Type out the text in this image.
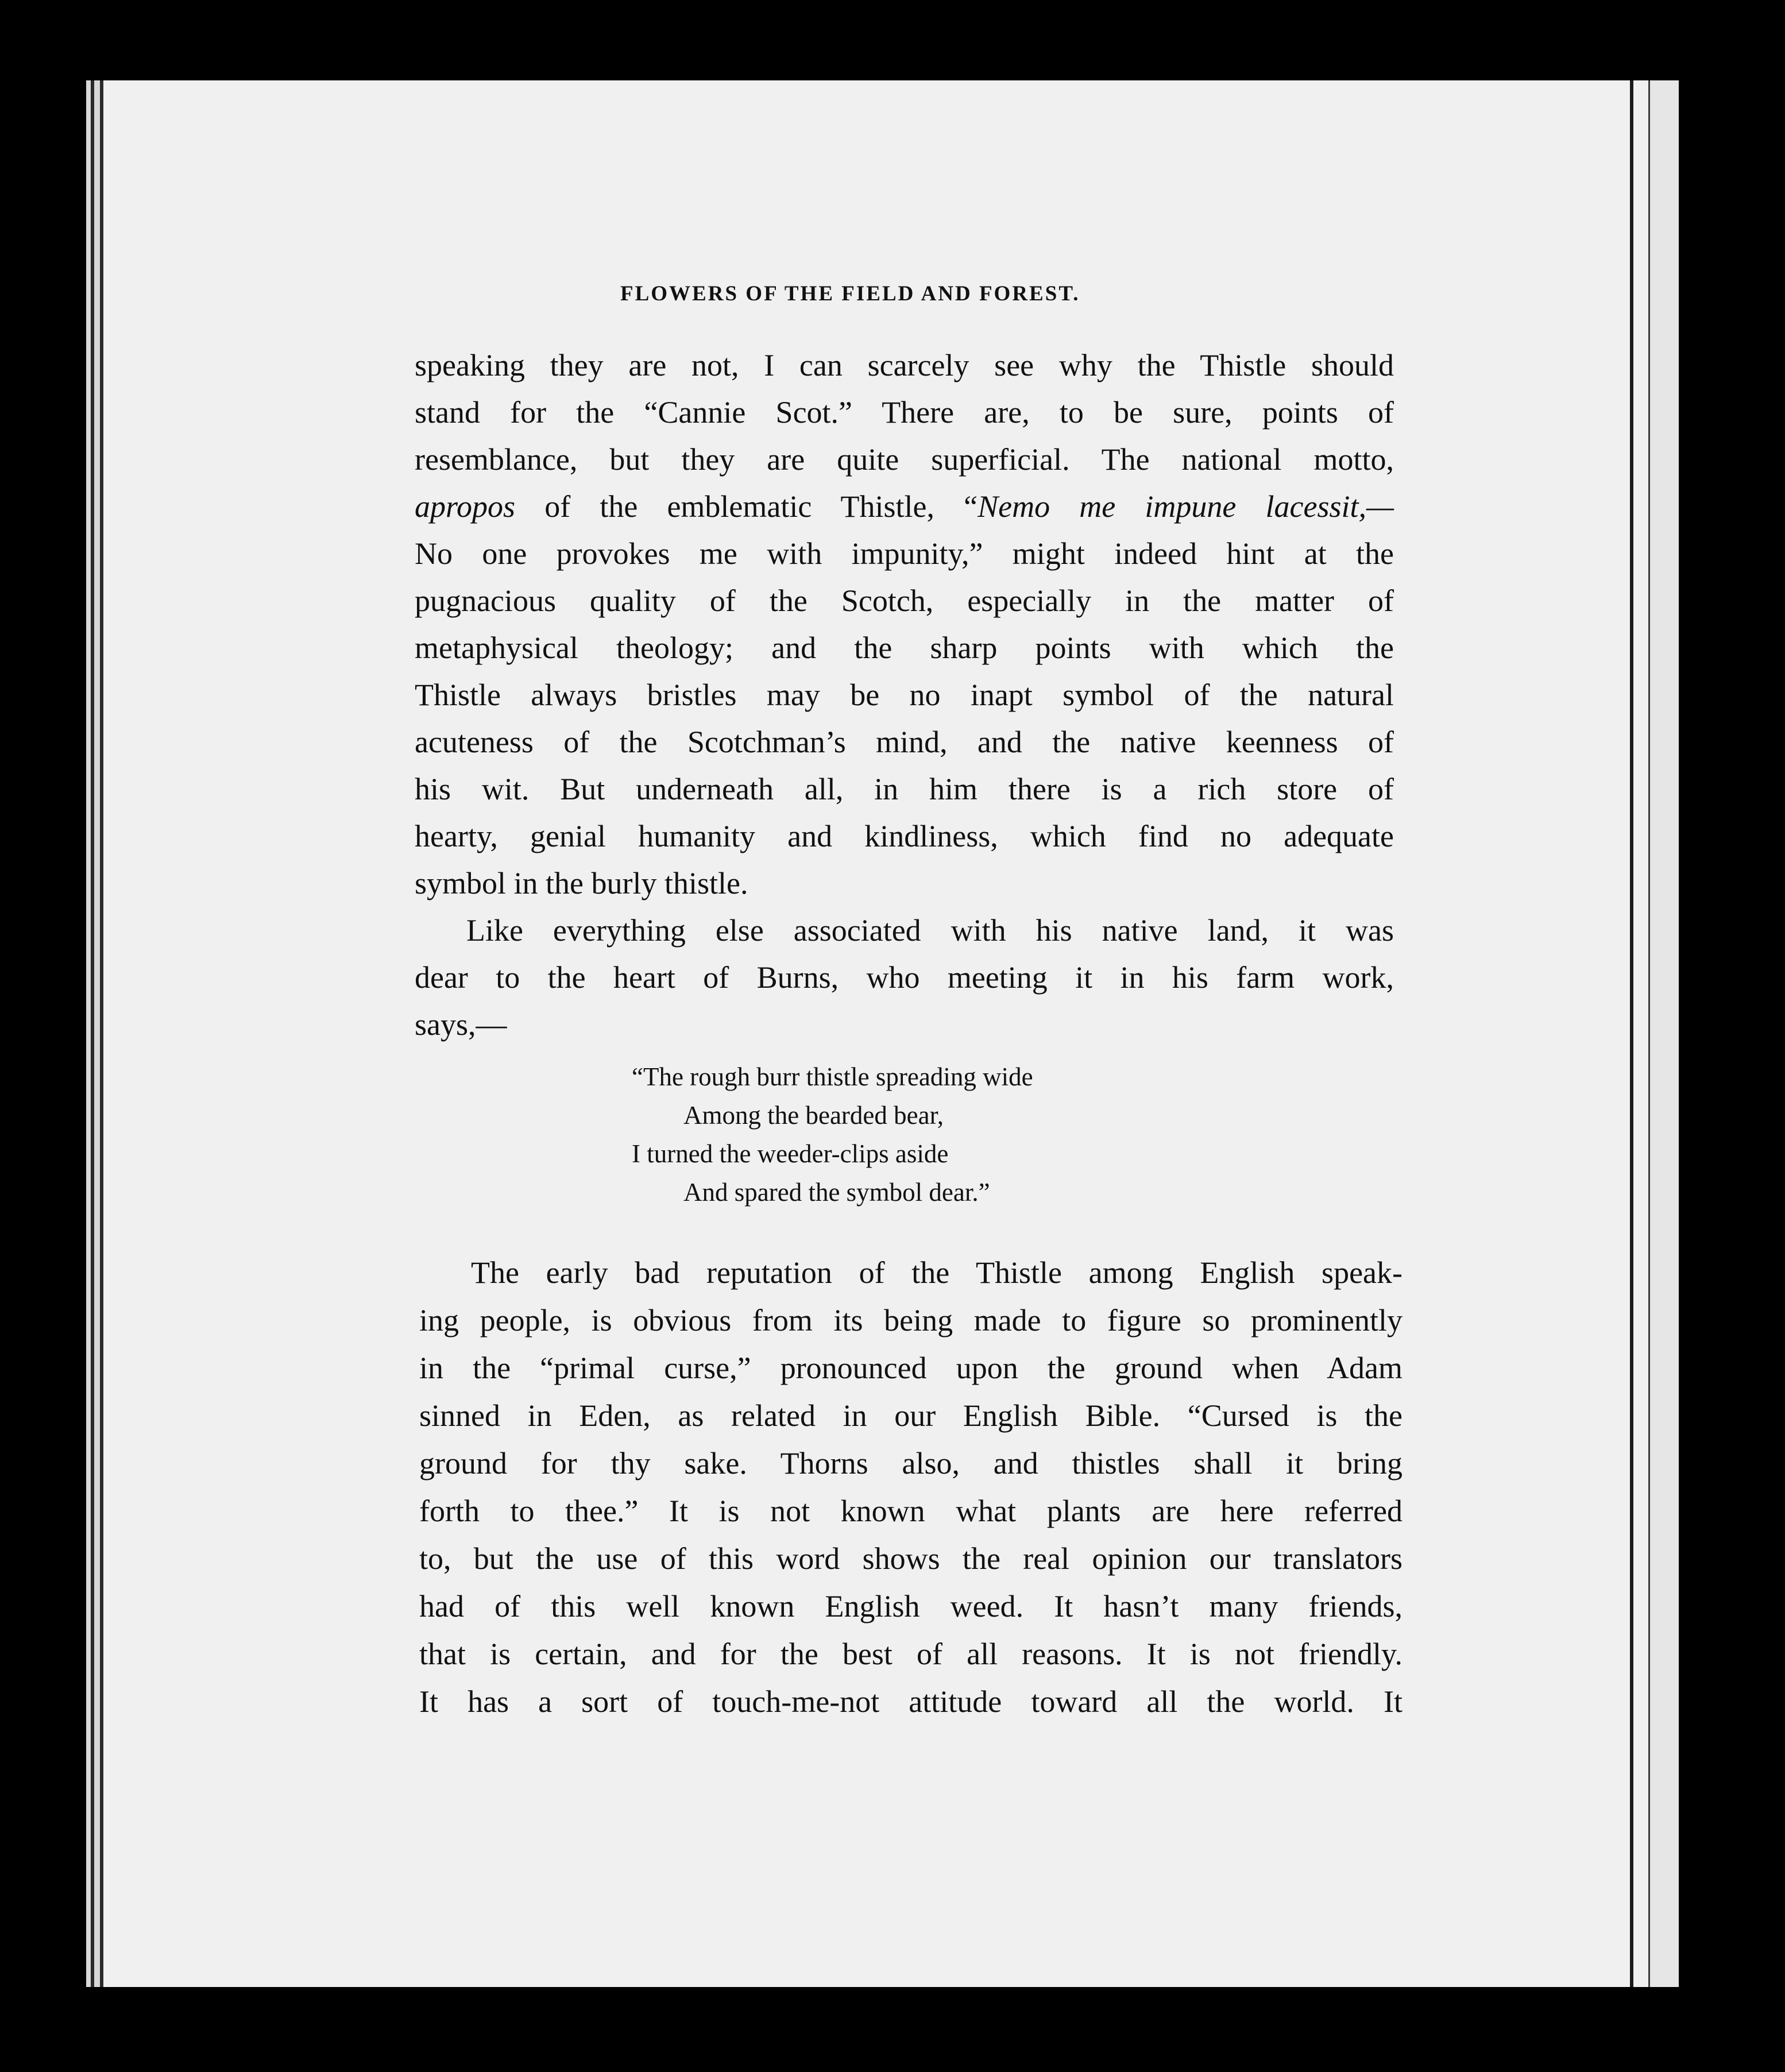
FLOWERS OF THE FIELD AND FOREST.
speaking they are not, I can scarcely see why the Thistle should
stand for the “Cannie Scot.” There are, to be sure, points of
resemblance, but they are quite superficial. The national motto,
apropos of the emblematic Thistle, “Nemo me impune lacessit,—
No one provokes me with impunity,” might indeed hint at the
pugnacious quality of the Scotch, especially in the matter of
metaphysical theology; and the sharp points with which the
Thistle always bristles may be no inapt symbol of the natural
acuteness of the Scotchman’s mind, and the native keenness of
his wit. But underneath all, in him there is a rich store of
hearty, genial humanity and kindliness, which find no adequate
symbol in the burly thistle.
Like everything else associated with his native land, it was
dear to the heart of Burns, who meeting it in his farm work,
says,—
“The rough burr thistle spreading wide
Among the bearded bear,
I turned the weeder-clips aside
And spared the symbol dear.”
The early bad reputation of the Thistle among English speak-
ing people, is obvious from its being made to figure so prominently
in the “primal curse,” pronounced upon the ground when Adam
sinned in Eden, as related in our English Bible. “Cursed is the
ground for thy sake. Thorns also, and thistles shall it bring
forth to thee.” It is not known what plants are here referred
to, but the use of this word shows the real opinion our translators
had of this well known English weed. It hasn’t many friends,
that is certain, and for the best of all reasons. It is not friendly.
It has a sort of touch-me-not attitude toward all the world. It
